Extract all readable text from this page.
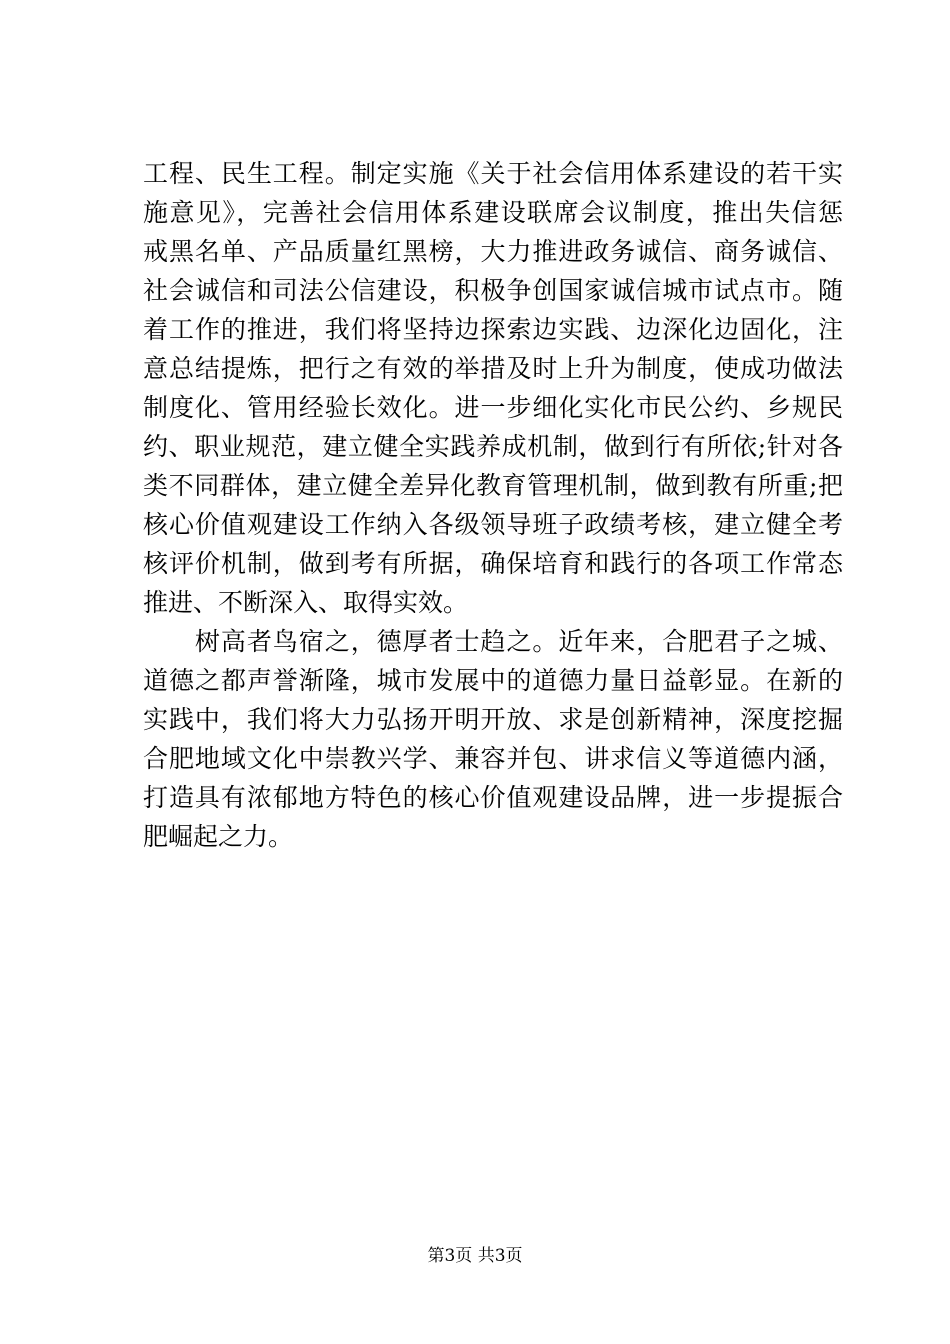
工程、民生工程。制定实施《关于社会信用体系建设的若干实
施意见》，完善社会信用体系建设联席会议制度，推出失信惩
戒黑名单、产品质量红黑榜，大力推进政务诚信、商务诚信、
社会诚信和司法公信建设，积极争创国家诚信城市试点市。随
着工作的推进，我们将坚持边探索边实践、边深化边固化，注
意总结提炼，把行之有效的举措及时上升为制度，使成功做法
制度化、管用经验长效化。进一步细化实化市民公约、乡规民
约、职业规范，建立健全实践养成机制，做到行有所依;针对各
类不同群体，建立健全差异化教育管理机制，做到教有所重;把
核心价值观建设工作纳入各级领导班子政绩考核，建立健全考
核评价机制，做到考有所据，确保培育和践行的各项工作常态
推进、不断深入、取得实效。
　　树高者鸟宿之，德厚者士趋之。近年来，合肥君子之城、
道德之都声誉渐隆，城市发展中的道德力量日益彰显。在新的
实践中，我们将大力弘扬开明开放、求是创新精神，深度挖掘
合肥地域文化中崇教兴学、兼容并包、讲求信义等道德内涵，
打造具有浓郁地方特色的核心价值观建设品牌，进一步提振合
肥崛起之力。
第3页 共3页
